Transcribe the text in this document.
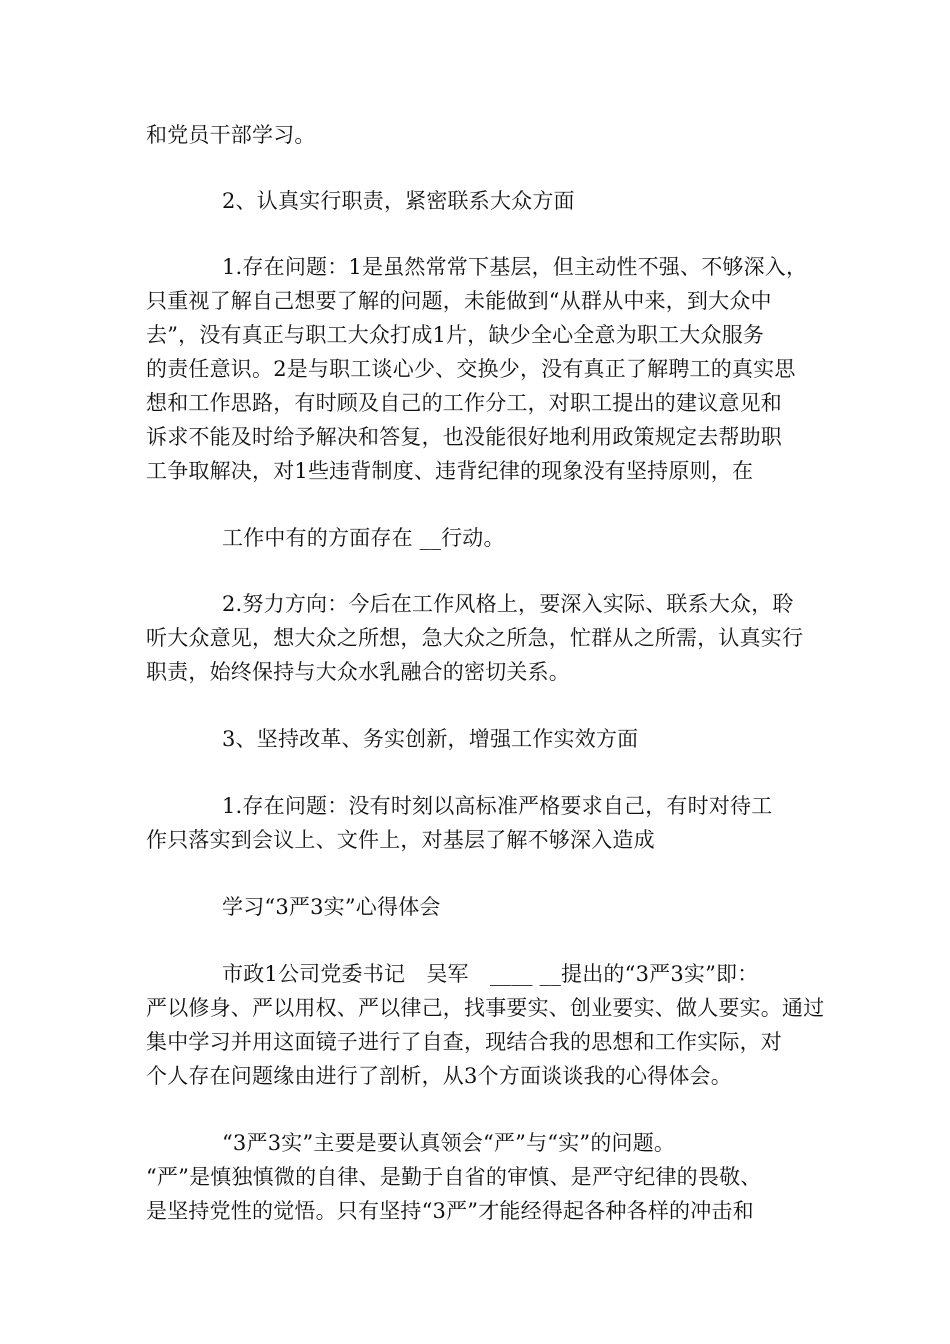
和党员干部学习。
2、认真实行职责，紧密联系大众方面
1.存在问题：1是虽然常常下基层，但主动性不强、不够深入，
只重视了解自己想要了解的问题，未能做到“从群从中来，到大众中
去”，没有真正与职工大众打成1片，缺少全心全意为职工大众服务
的责任意识。2是与职工谈心少、交换少，没有真正了解聘工的真实思
想和工作思路，有时顾及自己的工作分工，对职工提出的建议意见和
诉求不能及时给予解决和答复，也没能很好地利用政策规定去帮助职
工争取解决，对1些违背制度、违背纪律的现象没有坚持原则，在
工作中有的方面存在 __行动。
2.努力方向：今后在工作风格上，要深入实际、联系大众，聆
听大众意见，想大众之所想，急大众之所急，忙群从之所需，认真实行
职责，始终保持与大众水乳融合的密切关系。
3、坚持改革、务实创新，增强工作实效方面
1.存在问题：没有时刻以高标准严格要求自己，有时对待工
作只落实到会议上、文件上，对基层了解不够深入造成
学习“3严3实”心得体会
市政1公司党委书记　吴军　____ __提出的“3严3实”即：
严以修身、严以用权、严以律己，找事要实、创业要实、做人要实。通过
集中学习并用这面镜子进行了自查，现结合我的思想和工作实际，对
个人存在问题缘由进行了剖析，从3个方面谈谈我的心得体会。
“3严3实”主要是要认真领会“严”与“实”的问题。
“严”是慎独慎微的自律、是勤于自省的审慎、是严守纪律的畏敬、
是坚持党性的觉悟。只有坚持“3严”才能经得起各种各样的冲击和
